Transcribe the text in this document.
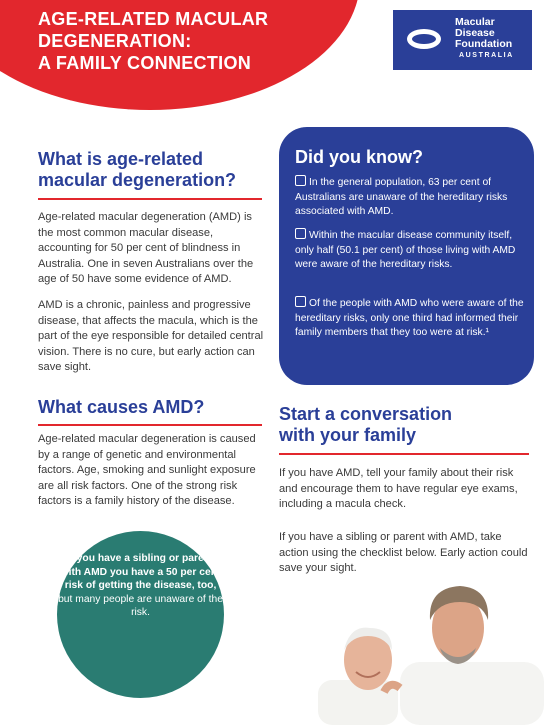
AGE-RELATED MACULAR
DEGENERATION:
A FAMILY CONNECTION
Macular
Disease
Foundation
AUSTRALIA
What is age-related
macular degeneration?

Age-related macular degeneration (AMD) is the most common macular disease, accounting for 50 per cent of blindness in Australia. One in seven Australians over the age of 50 have some evidence of AMD.

AMD is a chronic, painless and progressive disease, that affects the macula, which is the part of the eye responsible for detailed central vision. There is no cure, but early action can save sight.

What causes AMD?

Age-related macular degeneration is caused by a range of genetic and environmental factors. Age, smoking and sunlight exposure are all risk factors. One of the strong risk factors is a family history of the disease.

Did you know?
In the general population, 63 per cent of Australians are unaware of the hereditary risks associated with AMD.
Within the macular disease community itself, only half (50.1 per cent) of those living with AMD were aware of the hereditary risks.
Of the people with AMD who were aware of the hereditary risks, only one third had informed their family members that they too were at risk.¹
Start a conversation
with your family

If you have AMD, tell your family about their risk and encourage them to have regular eye exams, including a macula check.

If you have a sibling or parent with AMD, take action using the checklist below. Early action could save your sight.

If you have a sibling or parent with AMD you have a 50 per cent risk of getting the disease, too, but many people are unaware of the risk.
